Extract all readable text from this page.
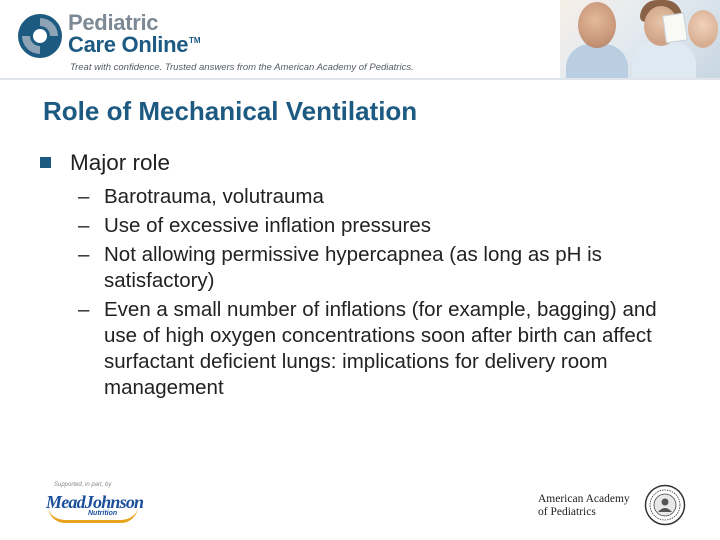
Pediatric
Care Online TM
Treat with confidence. Trusted answers from the American Academy of Pediatrics.
Role of Mechanical Ventilation
Major role
– Barotrauma, volutrauma
– Use of excessive inflation pressures
– Not allowing permissive hypercapnea (as long as pH is satisfactory)
– Even a small number of inflations (for example, bagging) and use of high oxygen concentrations soon after birth can affect surfactant deficient lungs: implications for delivery room management
Supported, in part, by
MeadJohnson
Nutrition
American Academy
of Pediatrics
